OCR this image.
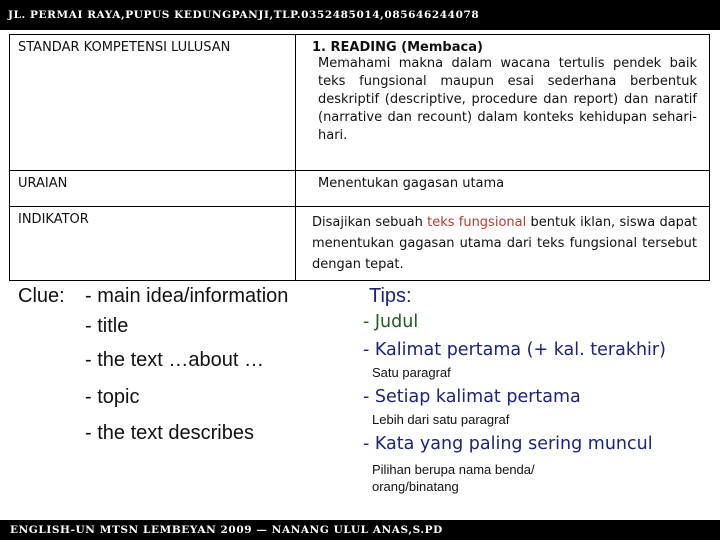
JL. PERMAI RAYA,PUPUS KEDUNGPANJI,TLP.0352485014,085646244078
STANDAR KOMPETENSI LULUSAN	1. READING (Membaca)
Memahami makna dalam wacana tertulis pendek baik teks fungsional maupun esai sederhana berbentuk deskriptif (descriptive, procedure dan report) dan naratif (narrative dan recount) dalam konteks kehidupan sehari-hari.

URAIAN	Menentukan gagasan utama
INDIKATOR	Disajikan sebuah teks fungsional bentuk iklan, siswa dapat menentukan gagasan utama dari teks fungsional tersebut dengan tepat.
Clue: - main idea/information
- title
- the text …about …
- topic
- the text describes
Tips:
- Judul
- Kalimat pertama (+ kal. terakhir)
Satu paragraf
- Setiap kalimat pertama
Lebih dari satu paragraf
- Kata yang paling sering muncul
Pilihan berupa nama benda/
orang/binatang
ENGLISH-UN MTSN LEMBEYAN 2009 — NANANG ULUL ANAS,S.PD
